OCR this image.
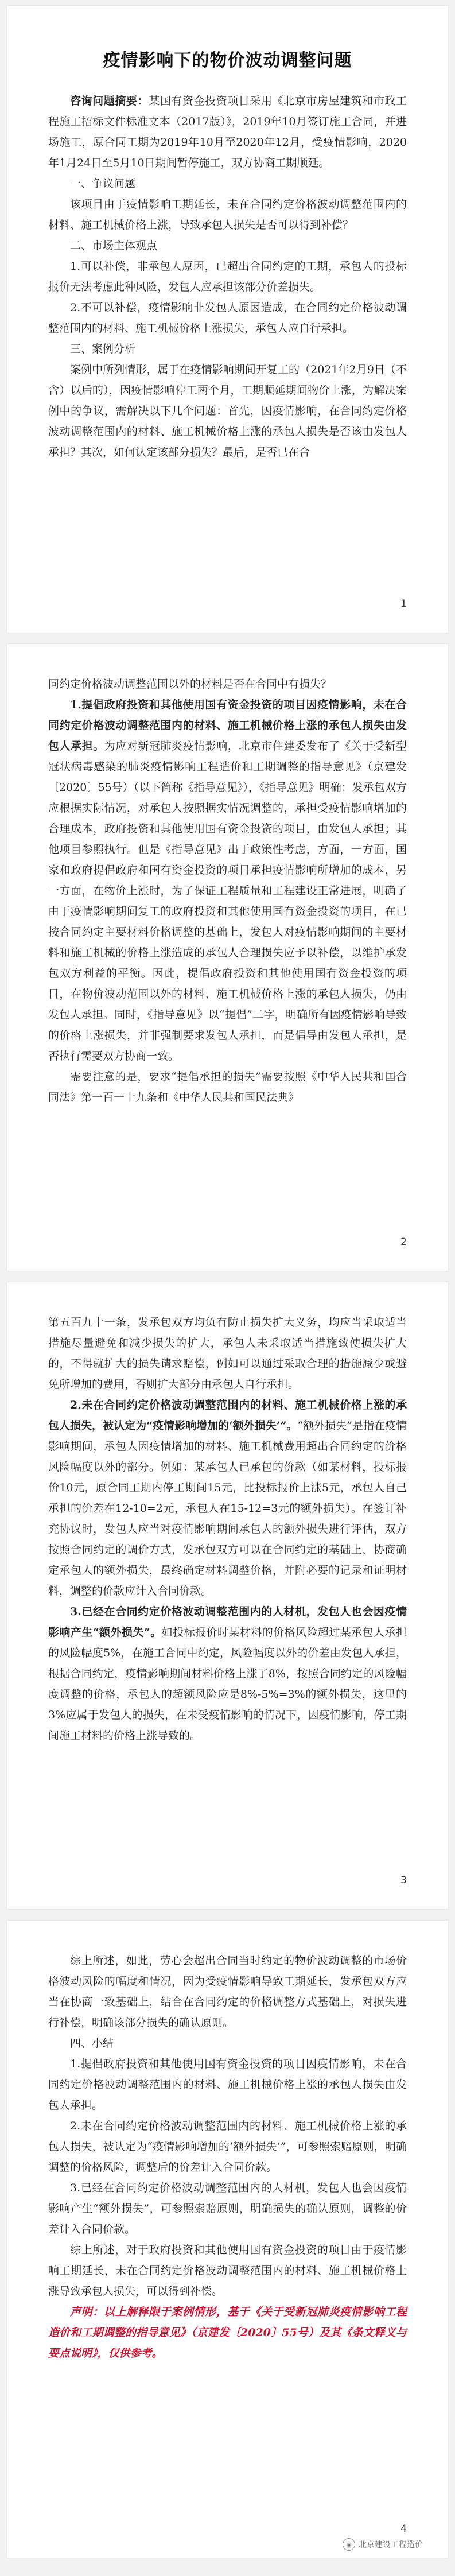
疫情影响下的物价波动调整问题

咨询问题摘要：某国有资金投资项目采用《北京市房屋建筑和市政工程施工招标文件标准文本（2017版）》，2019年10月签订施工合同，并进场施工，原合同工期为2019年10月至2020年12月，受疫情影响，2020年1月24日至5月10日期间暂停施工，双方协商工期顺延。

一、争议问题

该项目由于疫情影响工期延长，未在合同约定价格波动调整范围内的材料、施工机械价格上涨，导致承包人损失是否可以得到补偿？

二、市场主体观点

1.可以补偿，非承包人原因，已超出合同约定的工期，承包人的投标报价无法考虑此种风险，发包人应承担该部分价差损失。

2.不可以补偿，疫情影响非发包人原因造成，在合同约定价格波动调整范围内的材料、施工机械价格上涨损失，承包人应自行承担。

三、案例分析

案例中所列情形，属于在疫情影响期间开复工的（2021年2月9日（不含）以后的），因疫情影响停工两个月，工期顺延期间物价上涨，为解决案例中的争议，需解决以下几个问题：首先，因疫情影响，在合同约定价格波动调整范围内的材料、施工机械价格上涨的承包人损失是否该由发包人承担？其次，如何认定该部分损失？最后，是否已在合

1

同约定价格波动调整范围以外的材料是否在合同中有损失？

1.提倡政府投资和其他使用国有资金投资的项目因疫情影响，未在合同约定价格波动调整范围内的材料、施工机械价格上涨的承包人损失由发包人承担。为应对新冠肺炎疫情影响，北京市住建委发布了《关于受新型冠状病毒感染的肺炎疫情影响工程造价和工期调整的指导意见》（京建发〔2020〕55号）（以下简称《指导意见》），《指导意见》明确：发承包双方应根据实际情况，对承包人按照据实情况调整的，承担受疫情影响增加的合理成本，政府投资和其他使用国有资金投资的项目，由发包人承担；其他项目参照执行。但是《指导意见》出于政策性考虑，方面，一方面，国家和政府提倡政府和国有资金投资的项目承担疫情影响所增加的成本，另一方面，在物价上涨时，为了保证工程质量和工程建设正常进展，明确了由于疫情影响期间复工的政府投资和其他使用国有资金投资的项目，在已按合同约定主要材料价格调整的基础上，发包人对疫情影响期间的主要材料和施工机械的价格上涨造成的承包人合理损失应予以补偿，以维护承发包双方利益的平衡。因此，提倡政府投资和其他使用国有资金投资的项目，在物价波动范围以外的材料、施工机械价格上涨的承包人损失，仍由发包人承担。同时，《指导意见》以“提倡”二字，明确所有因疫情影响导致的价格上涨损失，并非强制要求发包人承担，而是倡导由发包人承担，是否执行需要双方协商一致。

需要注意的是，要求“提倡承担的损失”需要按照《中华人民共和国合同法》第一百一十九条和《中华人民共和国民法典》

2

第五百九十一条，发承包双方均负有防止损失扩大义务，均应当采取适当措施尽量避免和减少损失的扩大，承包人未采取适当措施致使损失扩大的，不得就扩大的损失请求赔偿，例如可以通过采取合理的措施减少或避免所增加的费用，否则扩大部分由承包人自行承担。

2.未在合同约定价格波动调整范围内的材料、施工机械价格上涨的承包人损失，被认定为“疫情影响增加的‘额外损失’”。“额外损失”是指在疫情影响期间，承包人因疫情增加的材料、施工机械费用超出合同约定的价格风险幅度以外的部分。例如：某承包人已承包的价款（如某材料，投标报价10元，原合同工期内停工期间15元，比投标报价上涨5元，承包人自己承担的价差在12-10=2元，承包人在15-12=3元的额外损失）。在签订补充协议时，发包人应当对疫情影响期间承包人的额外损失进行评估，双方按照合同约定的调价方式，发承包双方可以在合同约定的基础上，协商确定承包人的额外损失，最终确定材料调整价格，并附必要的记录和证明材料，调整的价款应计入合同价款。

3.已经在合同约定价格波动调整范围内的人材机，发包人也会因疫情影响产生“额外损失”。如投标报价时某材料的价格风险超过某承包人承担的风险幅度5%，在施工合同中约定，风险幅度以外的价差由发包人承担，根据合同约定，疫情影响期间材料价格上涨了8%，按照合同约定的风险幅度调整的价格，承包人的超额风险应是8%-5%=3%的额外损失，这里的3%应属于发包人的损失，在未受疫情影响的情况下，因疫情影响，停工期间施工材料的价格上涨导致的。

3

综上所述，如此，劳心会超出合同当时约定的物价波动调整的市场价格波动风险的幅度和情况，因为受疫情影响导致工期延长，发承包双方应当在协商一致基础上，结合在合同约定的价格调整方式基础上，对损失进行补偿，明确该部分损失的确认原则。

四、小结

1.提倡政府投资和其他使用国有资金投资的项目因疫情影响，未在合同约定价格波动调整范围内的材料、施工机械价格上涨的承包人损失由发包人承担。

2.未在合同约定价格波动调整范围内的材料、施工机械价格上涨的承包人损失，被认定为“疫情影响增加的‘额外损失’”，可参照索赔原则，明确调整的价格风险，调整后的价差计入合同价款。

3.已经在合同约定价格波动调整范围内的人材机，发包人也会因疫情影响产生“额外损失”，可参照索赔原则，明确损失的确认原则，调整的价差计入合同价款。

综上所述，对于政府投资和其他使用国有资金投资的项目由于疫情影响工期延长，未在合同约定价格波动调整范围内的材料、施工机械价格上涨导致承包人损失，可以得到补偿。

声明：以上解释限于案例情形，基于《关于受新冠肺炎疫情影响工程造价和工期调整的指导意见》（京建发〔2020〕55号）及其《条文释义与要点说明》，仅供参考。

4
◉ 北京建设工程造价
